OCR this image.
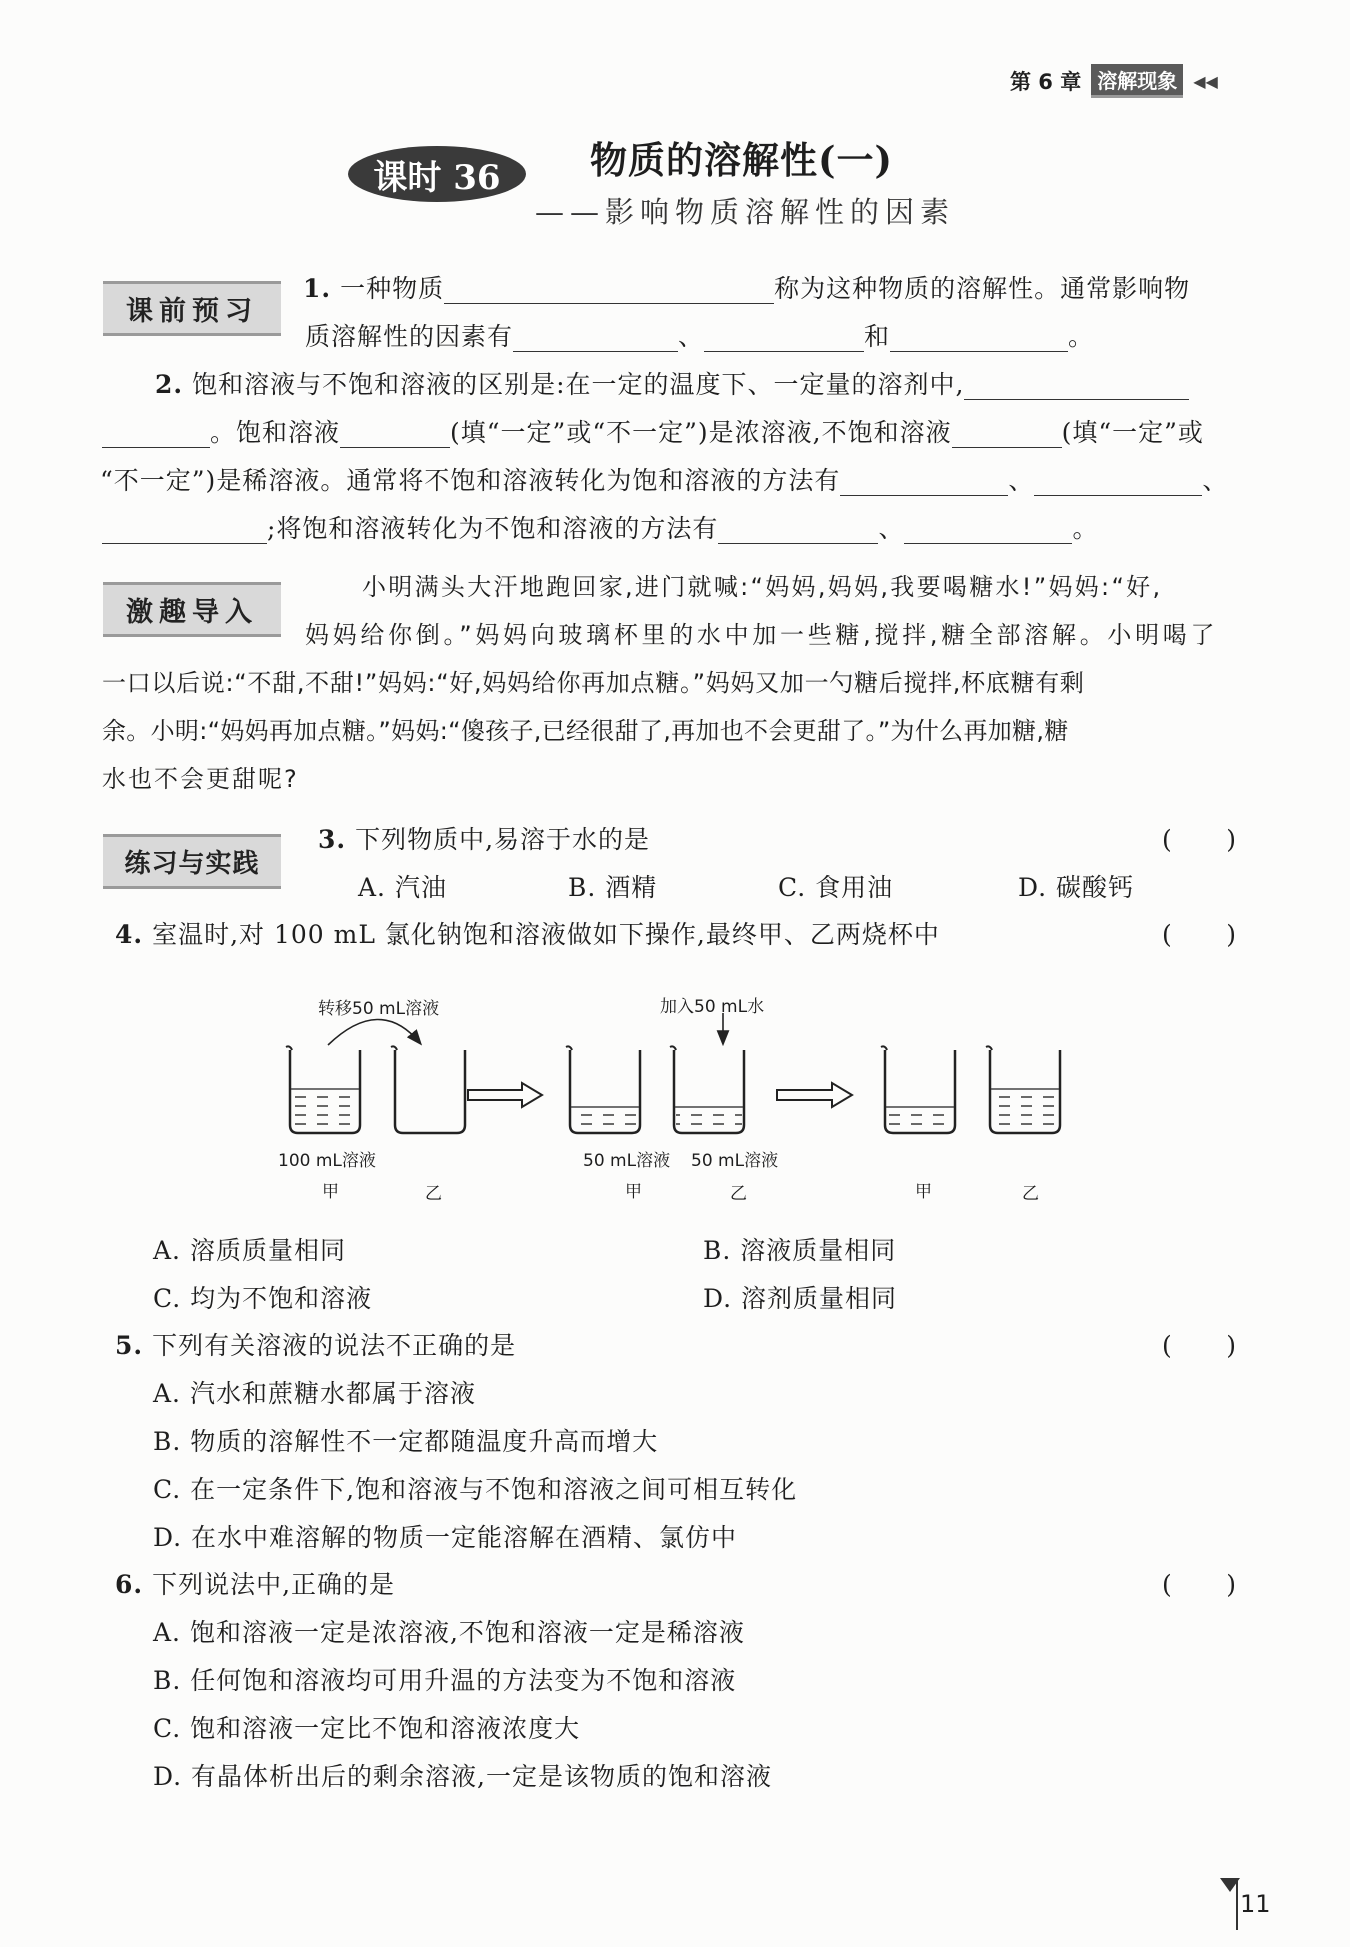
第 6 章 溶解现象	◀◀
课时 36 物质的溶解性(一)
——影响物质溶解性的因素
课前预习
激趣导入
练习与实践
1. 一种物质	称为这种物质的溶解性。通常影响物
质溶解性的因素有	、	和	。
2. 饱和溶液与不饱和溶液的区别是:在一定的温度下、一定量的溶剂中,
。饱和溶液	(填“一定”或“不一定”)是浓溶液,不饱和溶液	(填“一定”或
“不一定”)是稀溶液。通常将不饱和溶液转化为饱和溶液的方法有	、	、
;将饱和溶液转化为不饱和溶液的方法有	、	。
小明满头大汗地跑回家,进门就喊:“妈妈,妈妈,我要喝糖水!”妈妈:“好,
妈妈给你倒。”妈妈向玻璃杯里的水中加一些糖,搅拌,糖全部溶解。小明喝了
一口以后说:“不甜,不甜!”妈妈:“好,妈妈给你再加点糖。”妈妈又加一勺糖后搅拌,杯底糖有剩
余。小明:“妈妈再加点糖。”妈妈:“傻孩子,已经很甜了,再加也不会更甜了。”为什么再加糖,糖
水也不会更甜呢?
3. 下列物质中,易溶于水的是	( )
A. 汽油	B. 酒精	C. 食用油	D. 碳酸钙
4. 室温时,对 100 mL 氯化钠饱和溶液做如下操作,最终甲、乙两烧杯中	( )
转移50 mL溶液	加入50 mL水
100 mL溶液	50 mL溶液 50 mL溶液
甲	乙	甲	乙	甲	乙
A. 溶质质量相同	B. 溶液质量相同
C. 均为不饱和溶液	D. 溶剂质量相同
5. 下列有关溶液的说法不正确的是	( )
A. 汽水和蔗糖水都属于溶液
B. 物质的溶解性不一定都随温度升高而增大
C. 在一定条件下,饱和溶液与不饱和溶液之间可相互转化
D. 在水中难溶解的物质一定能溶解在酒精、氯仿中
6. 下列说法中,正确的是	( )
A. 饱和溶液一定是浓溶液,不饱和溶液一定是稀溶液
B. 任何饱和溶液均可用升温的方法变为不饱和溶液
C. 饱和溶液一定比不饱和溶液浓度大
D. 有晶体析出后的剩余溶液,一定是该物质的饱和溶液
11
